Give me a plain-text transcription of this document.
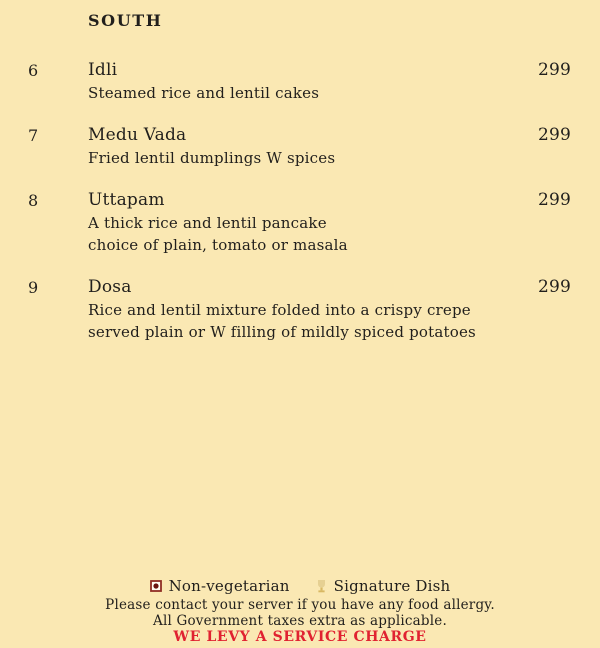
SOUTH
6	Idli
Steamed rice and lentil cakes
299
7	Medu Vada
Fried lentil dumplings W spices
299
8	Uttapam
A thick rice and lentil pancake
choice of plain, tomato or masala
299
9	Dosa
Rice and lentil mixture folded into a crispy crepe
served plain or W filling of mildly spiced potatoes
299
Non-vegetarian	Signature Dish
Please contact your server if you have any food allergy.
All Government taxes extra as applicable.
WE LEVY A SERVICE CHARGE
